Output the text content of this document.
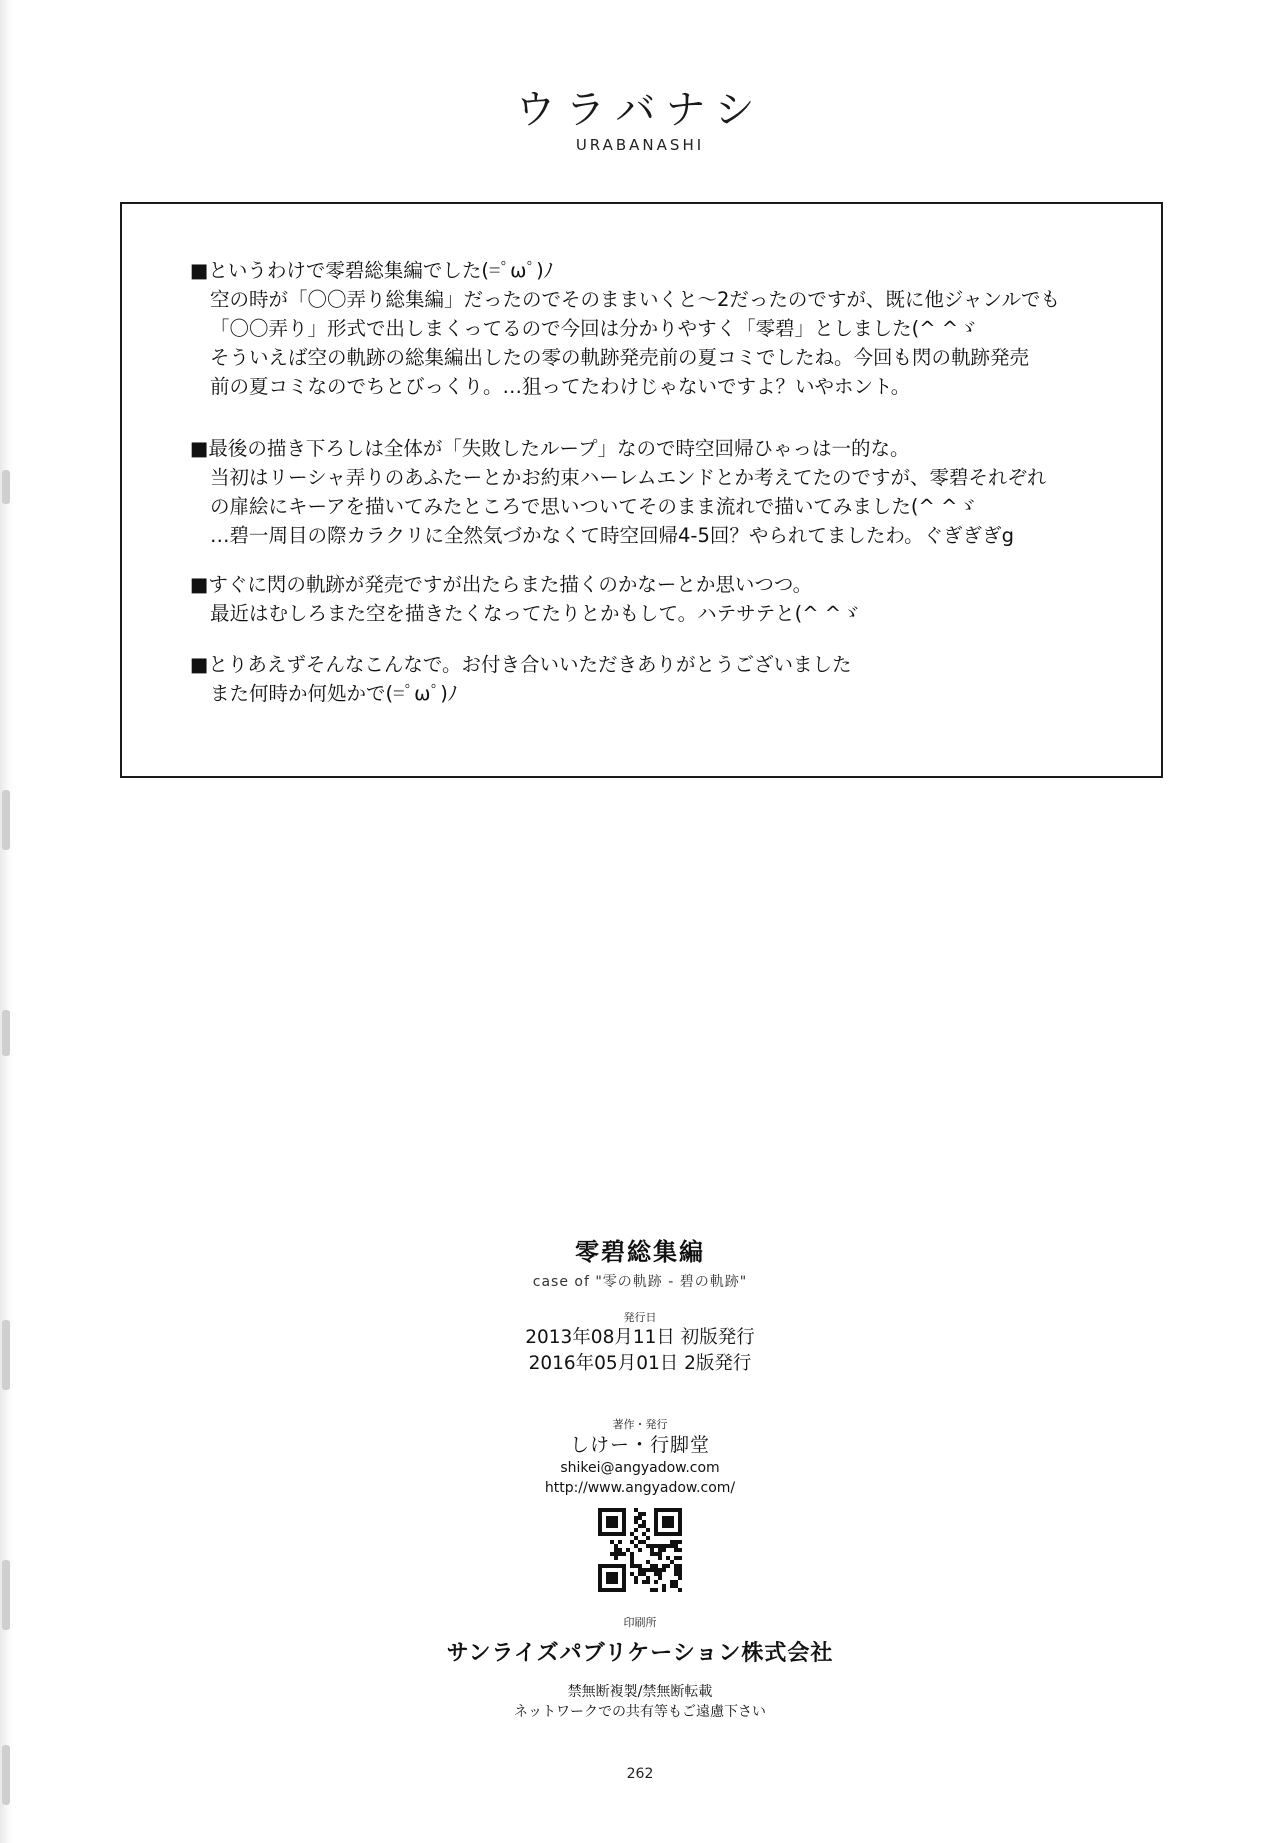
ウラバナシ
URABANASHI
■というわけで零碧総集編でした(=ﾟωﾟ)ﾉ
空の時が「〇〇弄り総集編」だったのでそのままいくと～2だったのですが、既に他ジャンルでも
「〇〇弄り」形式で出しまくってるので今回は分かりやすく「零碧」としました(^ ^ゞ
そういえば空の軌跡の総集編出したの零の軌跡発売前の夏コミでしたね。今回も閃の軌跡発売
前の夏コミなのでちとびっくり。…狙ってたわけじゃないですよ？いやホント。
■最後の描き下ろしは全体が「失敗したループ」なので時空回帰ひゃっは一的な。
当初はリーシャ弄りのあふたーとかお約束ハーレムエンドとか考えてたのですが、零碧それぞれ
の扉絵にキーアを描いてみたところで思いついてそのまま流れで描いてみました(^ ^ゞ
…碧一周目の際カラクリに全然気づかなくて時空回帰4-5回？やられてましたわ。ぐぎぎぎg
■すぐに閃の軌跡が発売ですが出たらまた描くのかなーとか思いつつ。
最近はむしろまた空を描きたくなってたりとかもして。ハテサテと(^ ^ゞ
■とりあえずそんなこんなで。お付き合いいただきありがとうございました
また何時か何処かで(=ﾟωﾟ)ﾉ
零碧総集編
case of "零の軌跡 - 碧の軌跡"
発行日
2013年08月11日 初版発行
2016年05月01日 2版発行
著作・発行
しけー・行脚堂
shikei@angyadow.com
http://www.angyadow.com/
印刷所
サンライズパブリケーション株式会社
禁無断複製/禁無断転載
ネットワークでの共有等もご遠慮下さい
262
